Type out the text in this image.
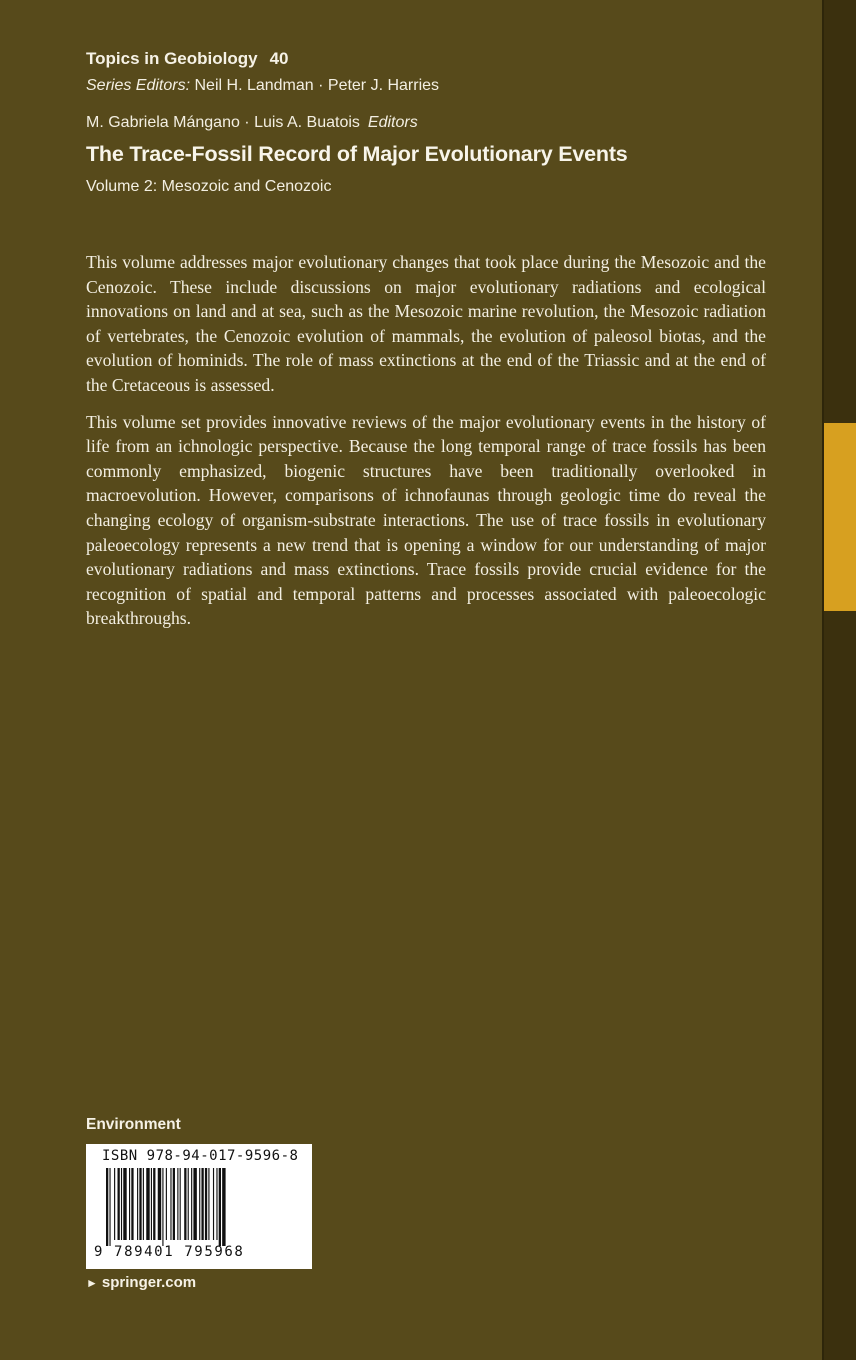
Topics in Geobiology 40
Series Editors: Neil H. Landman · Peter J. Harries
M. Gabriela Mángano · Luis A. Buatois Editors
The Trace-Fossil Record of Major Evolutionary Events
Volume 2: Mesozoic and Cenozoic

This volume addresses major evolutionary changes that took place during the Mesozoic and the Cenozoic. These include discussions on major evolutionary radiations and ecological innovations on land and at sea, such as the Mesozoic marine revolution, the Mesozoic radiation of vertebrates, the Cenozoic evolution of mammals, the evolution of paleosol biotas, and the evolution of hominids. The role of mass extinctions at the end of the Triassic and at the end of the Cretaceous is assessed.

This volume set provides innovative reviews of the major evolutionary events in the history of life from an ichnologic perspective. Because the long temporal range of trace fossils has been commonly emphasized, biogenic structures have been traditionally overlooked in macroevolution. However, comparisons of ichnofaunas through geologic time do reveal the changing ecology of organism-substrate interactions. The use of trace fossils in evolutionary paleoecology represents a new trend that is opening a window for our understanding of major evolutionary radiations and mass extinctions. Trace fossils provide crucial evidence for the recognition of spatial and temporal patterns and processes associated with paleoecologic breakthroughs.

Environment
ISBN 978-94-017-9596-8
9 789401 795968
► springer.com
